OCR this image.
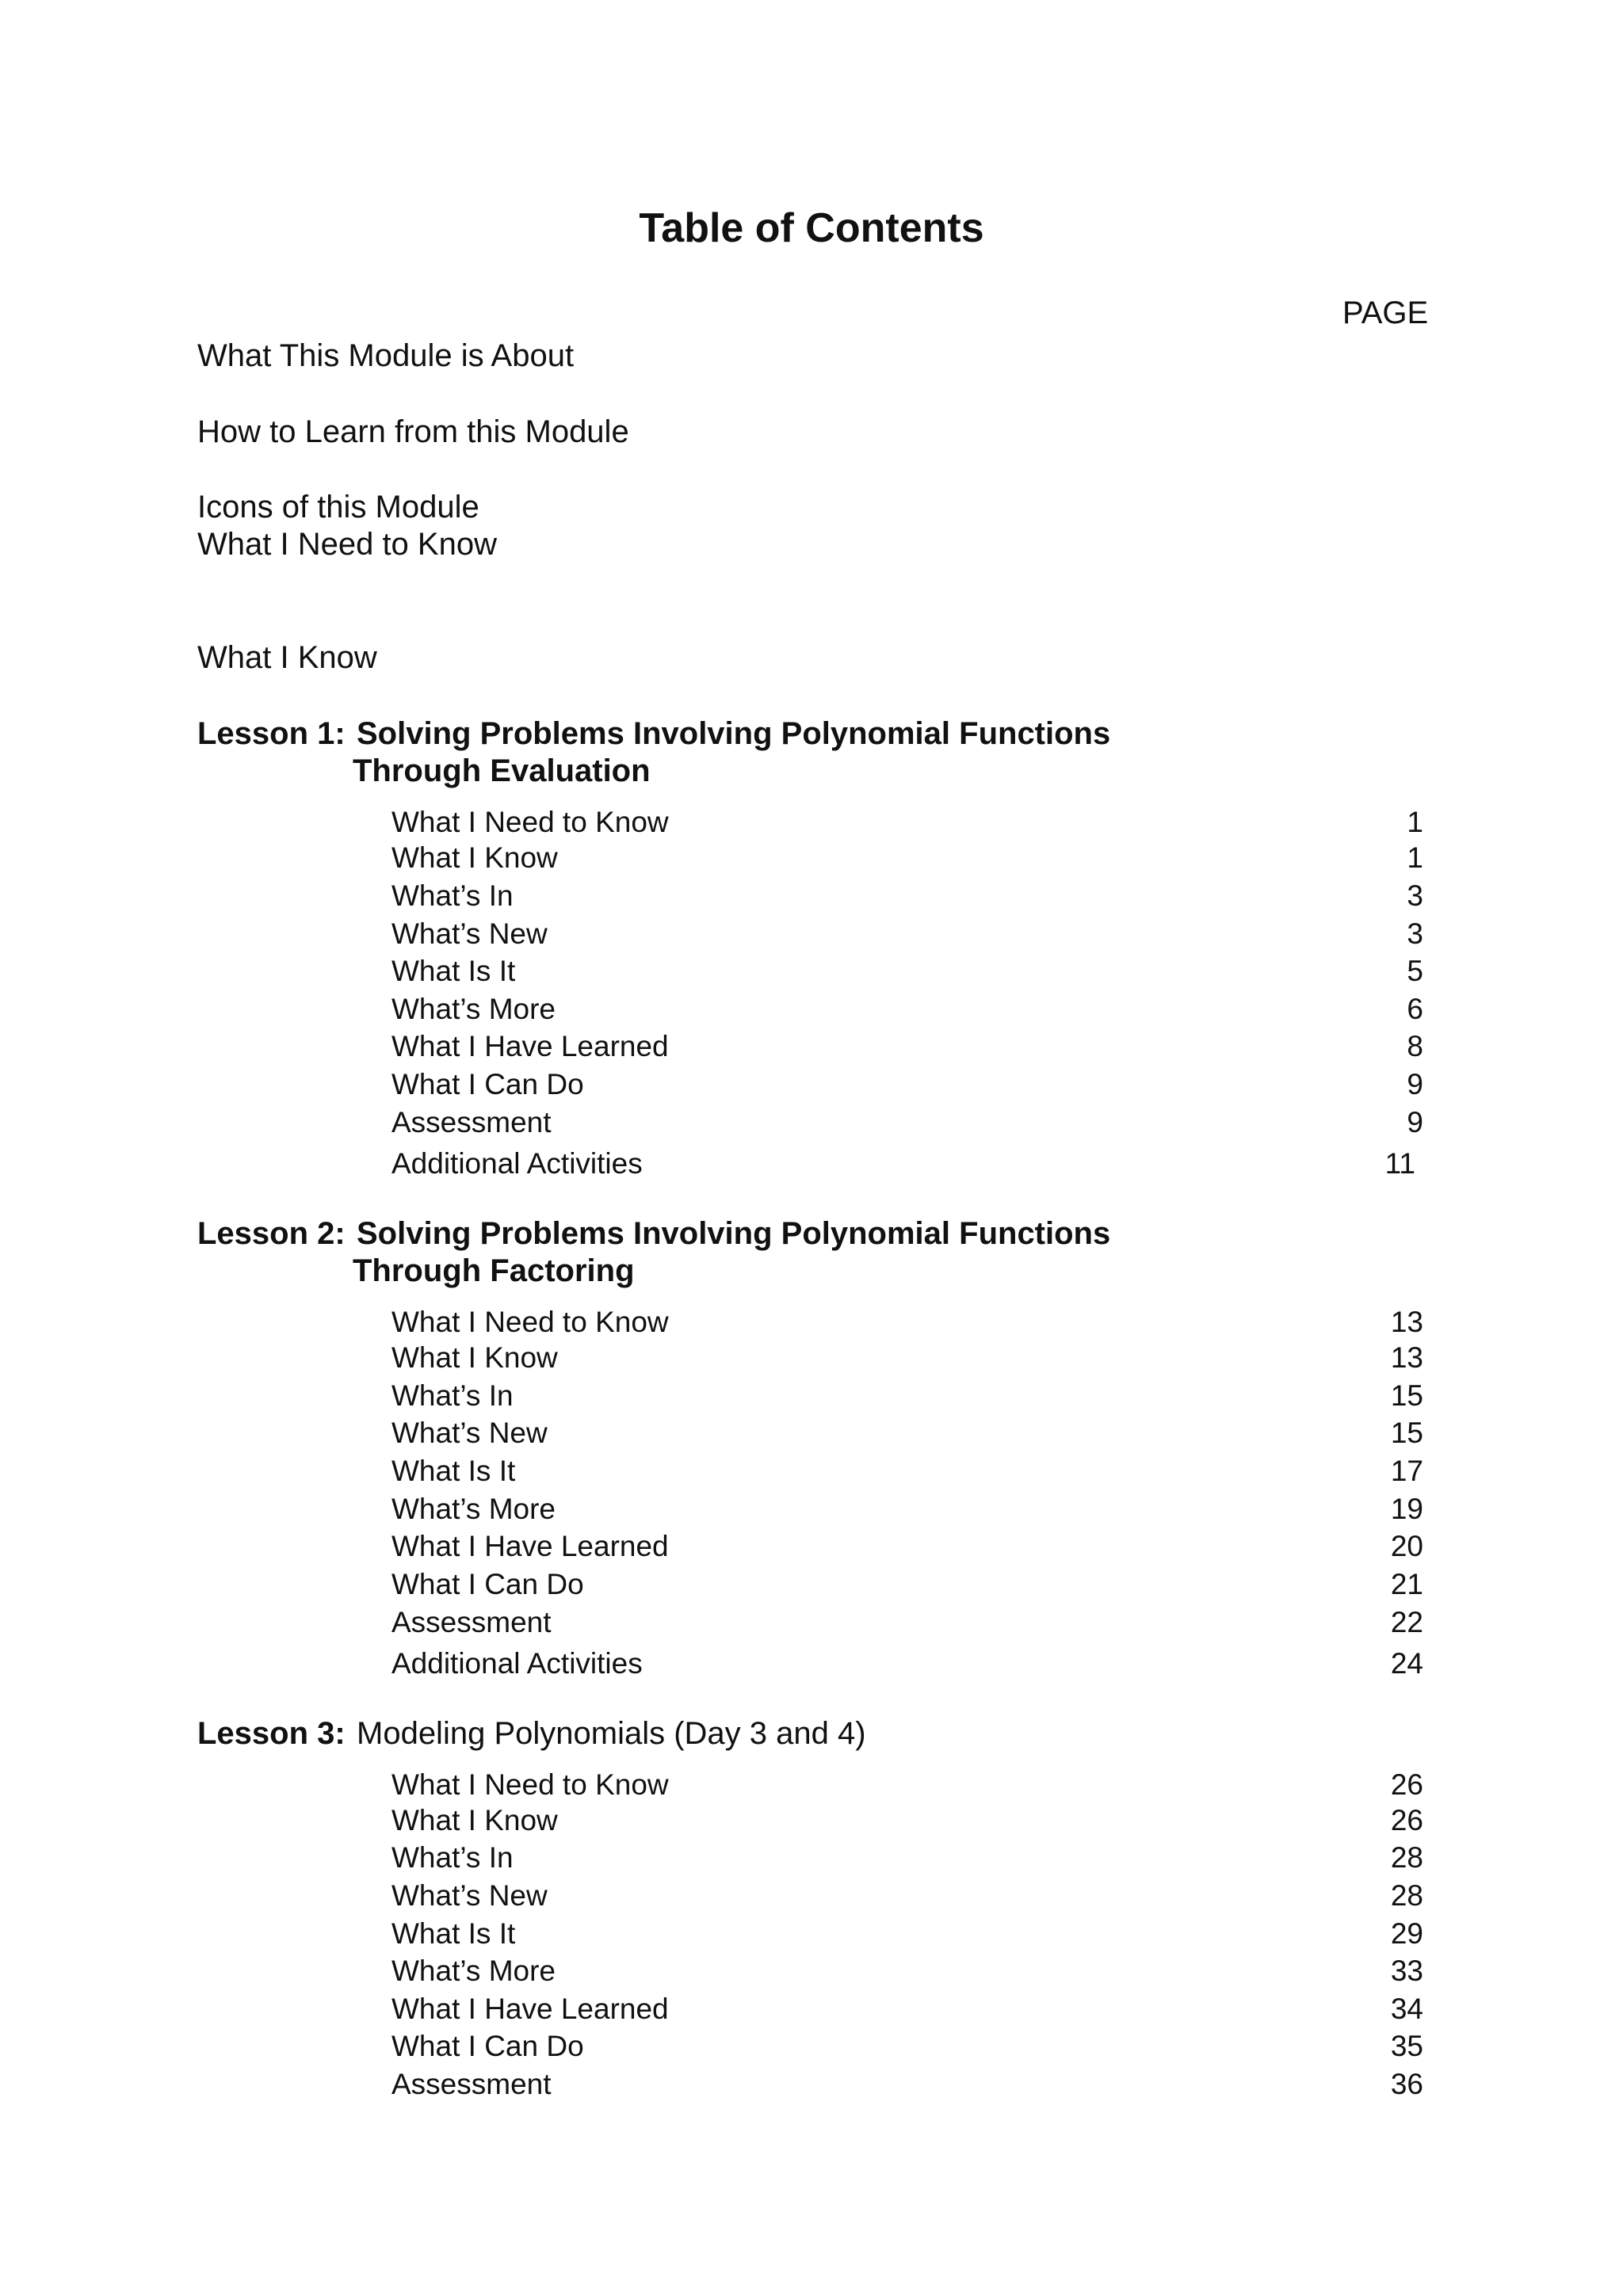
Table of Contents
PAGE
What This Module is About
How to Learn from this Module
Icons of this Module
What I Need to Know
What I Know
Lesson 1: Solving Problems Involving Polynomial Functions
Through Evaluation
What I Need to Know	1
What I Know	1
What’s In	3
What’s New	3
What Is It	5
What’s More	6
What I Have Learned	8
What I Can Do	9
Assessment	9
Additional Activities	11
Lesson 2: Solving Problems Involving Polynomial Functions
Through Factoring
What I Need to Know	13
What I Know	13
What’s In	15
What’s New	15
What Is It	17
What’s More	19
What I Have Learned	20
What I Can Do	21
Assessment	22
Additional Activities	24
Lesson 3: Modeling Polynomials (Day 3 and 4)
What I Need to Know	26
What I Know	26
What’s In	28
What’s New	28
What Is It	29
What’s More	33
What I Have Learned	34
What I Can Do	35
Assessment	36
